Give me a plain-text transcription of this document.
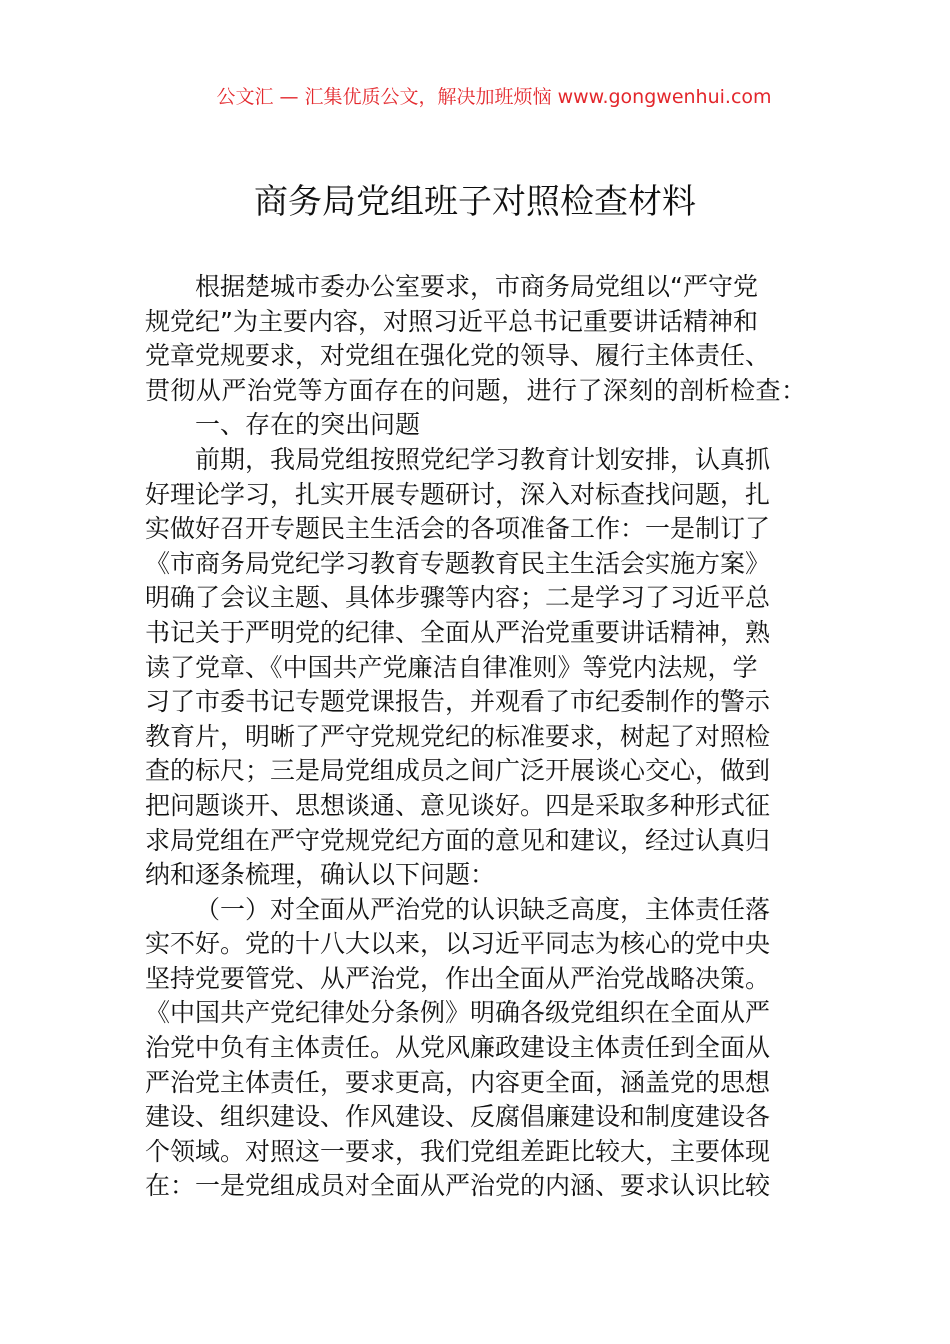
公文汇 — 汇集优质公文，解决加班烦恼 www.gongwenhui.com
商务局党组班子对照检查材料
根据楚城市委办公室要求，市商务局党组以“严守党
规党纪”为主要内容，对照习近平总书记重要讲话精神和
党章党规要求，对党组在强化党的领导、履行主体责任、
贯彻从严治党等方面存在的问题，进行了深刻的剖析检查：
一、存在的突出问题
前期，我局党组按照党纪学习教育计划安排，认真抓
好理论学习，扎实开展专题研讨，深入对标查找问题，扎
实做好召开专题民主生活会的各项准备工作：一是制订了
《市商务局党纪学习教育专题教育民主生活会实施方案》
明确了会议主题、具体步骤等内容；二是学习了习近平总
书记关于严明党的纪律、全面从严治党重要讲话精神，熟
读了党章、《中国共产党廉洁自律准则》等党内法规，学
习了市委书记专题党课报告，并观看了市纪委制作的警示
教育片，明晰了严守党规党纪的标准要求，树起了对照检
查的标尺；三是局党组成员之间广泛开展谈心交心，做到
把问题谈开、思想谈通、意见谈好。四是采取多种形式征
求局党组在严守党规党纪方面的意见和建议，经过认真归
纳和逐条梳理，确认以下问题：
（一）对全面从严治党的认识缺乏高度，主体责任落
实不好。党的十八大以来，以习近平同志为核心的党中央
坚持党要管党、从严治党，作出全面从严治党战略决策。
《中国共产党纪律处分条例》明确各级党组织在全面从严
治党中负有主体责任。从党风廉政建设主体责任到全面从
严治党主体责任，要求更高，内容更全面，涵盖党的思想
建设、组织建设、作风建设、反腐倡廉建设和制度建设各
个领域。对照这一要求，我们党组差距比较大，主要体现
在：一是党组成员对全面从严治党的内涵、要求认识比较
